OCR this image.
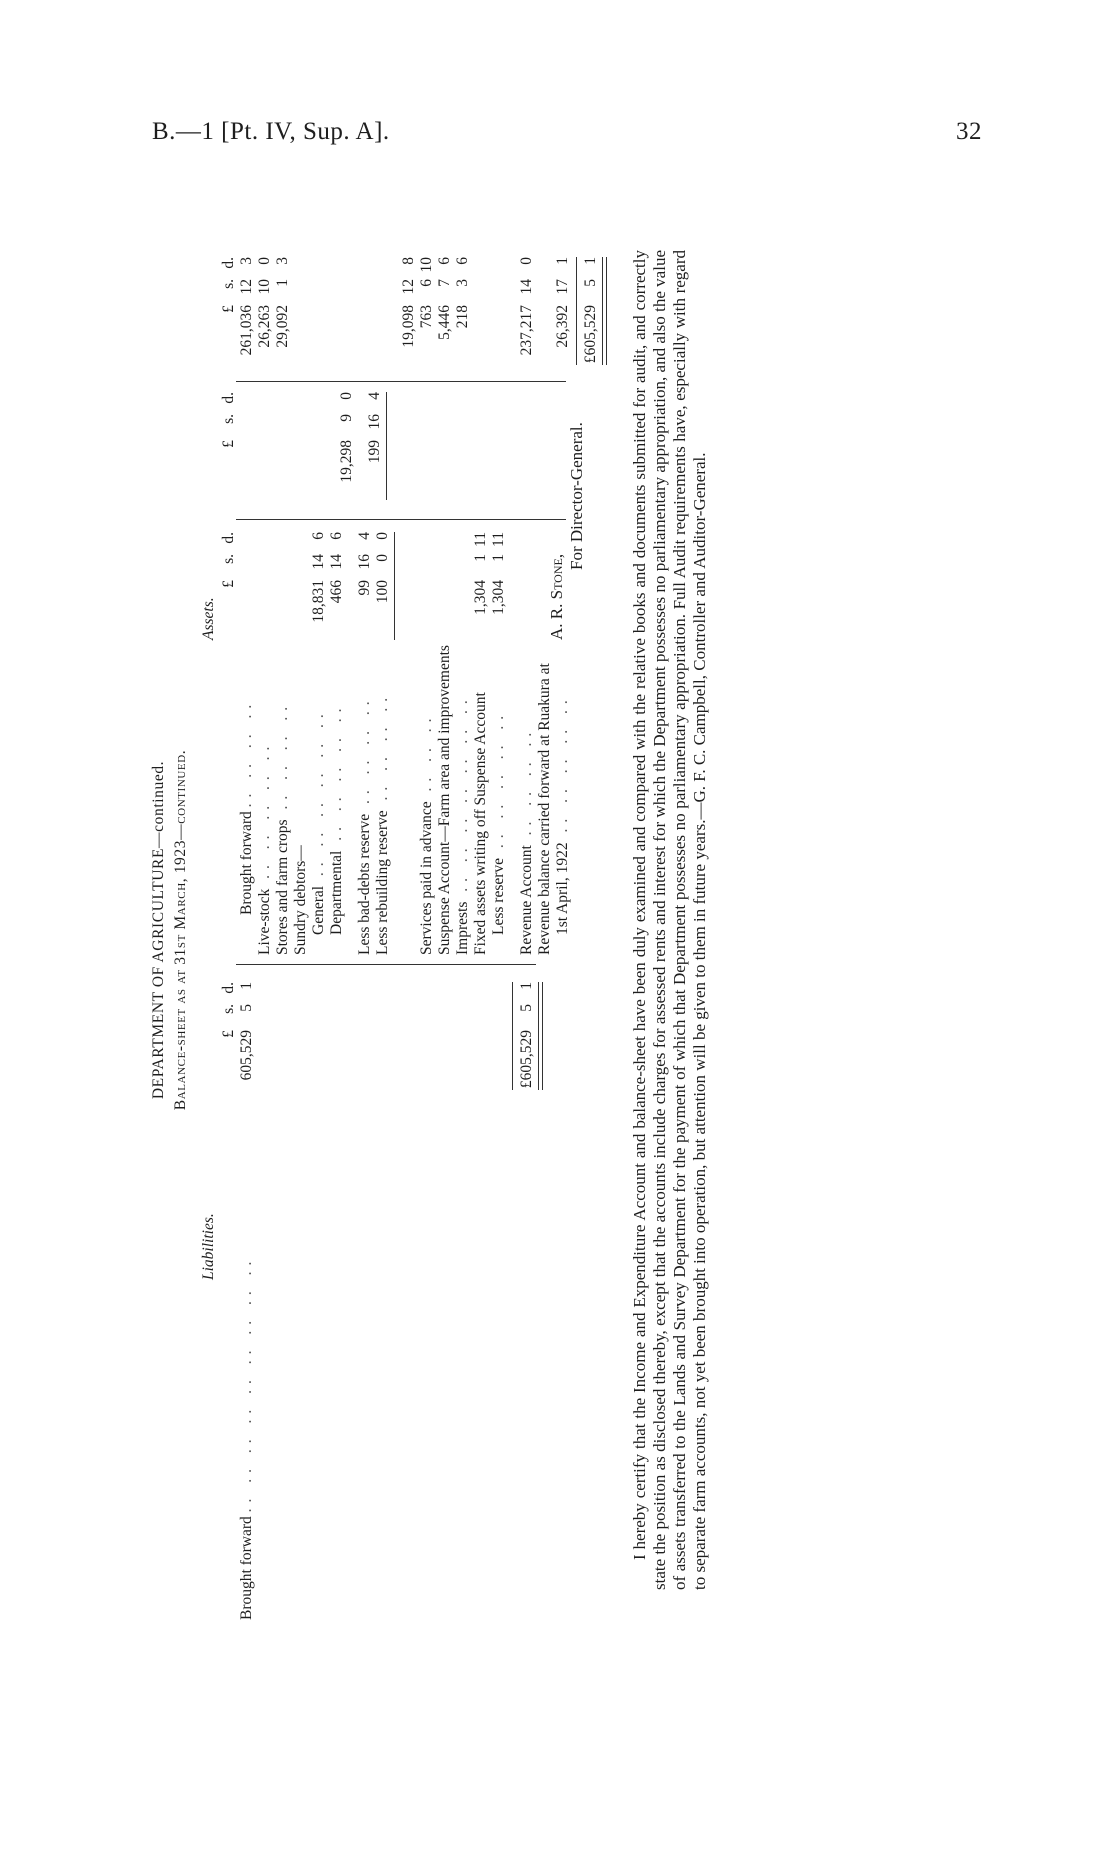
B.—1 [Pt. IV, Sup. A].	32
DEPARTMENT OF AGRICULTURE—continued. Balance-sheet as at 31st March, 1923—continued.
Liabilities.
Assets.
£s.d.
£s.d.
£s.d.
£s.d.
Brought forward .. .. .. .. .. .. .. .. ..
605,52951
£605,52951
Brought forward .. .. .. ..
Live-stock .. .. .. .. .. Stores and farm crops .. .. .. ..
Sundry debtors— General .. .. .. .. .. ..
Departmental .. .. .. .. ..
Less bad-debts reserve .. .. .. ..
Less rebuilding reserve .. .. .. ..
Services paid in advance .. .. .. Suspense Account—Farm area and improvements Imprests .. .. .. .. .. .. .. Fixed assets writing off Suspense Account Less reserve .. .. .. .. ..
Revenue Account .. .. .. .. Revenue balance carried forward at Ruakura at 1st April, 1922 .. .. .. .. ..
18,831146
466146
99164
10000
1,304111
1,304111
19,29890
199164
261,036123
26,263100
29,09213
19,098128
763610
5,44676
21836
237,217140
26,392171
£605,52951
A. R. Stone,
For Director-General.	I hereby certify that the Income and Expenditure Account and balance-sheet have been duly examined and compared with the relative books and documents submitted for audit, and correctly state the position as disclosed thereby, except that the accounts include charges for assessed rents and interest for which the Department possesses no parliamentary appropriation, and also the value of assets transferred to the Lands and Survey Department for the payment of which that Department possesses no parliamentary appropriation. Full Audit requirements have, especially with regard to separate farm accounts, not yet been brought into operation, but attention will be given to them in future years.—G. F. C. Campbell, Controller and Auditor-General.
